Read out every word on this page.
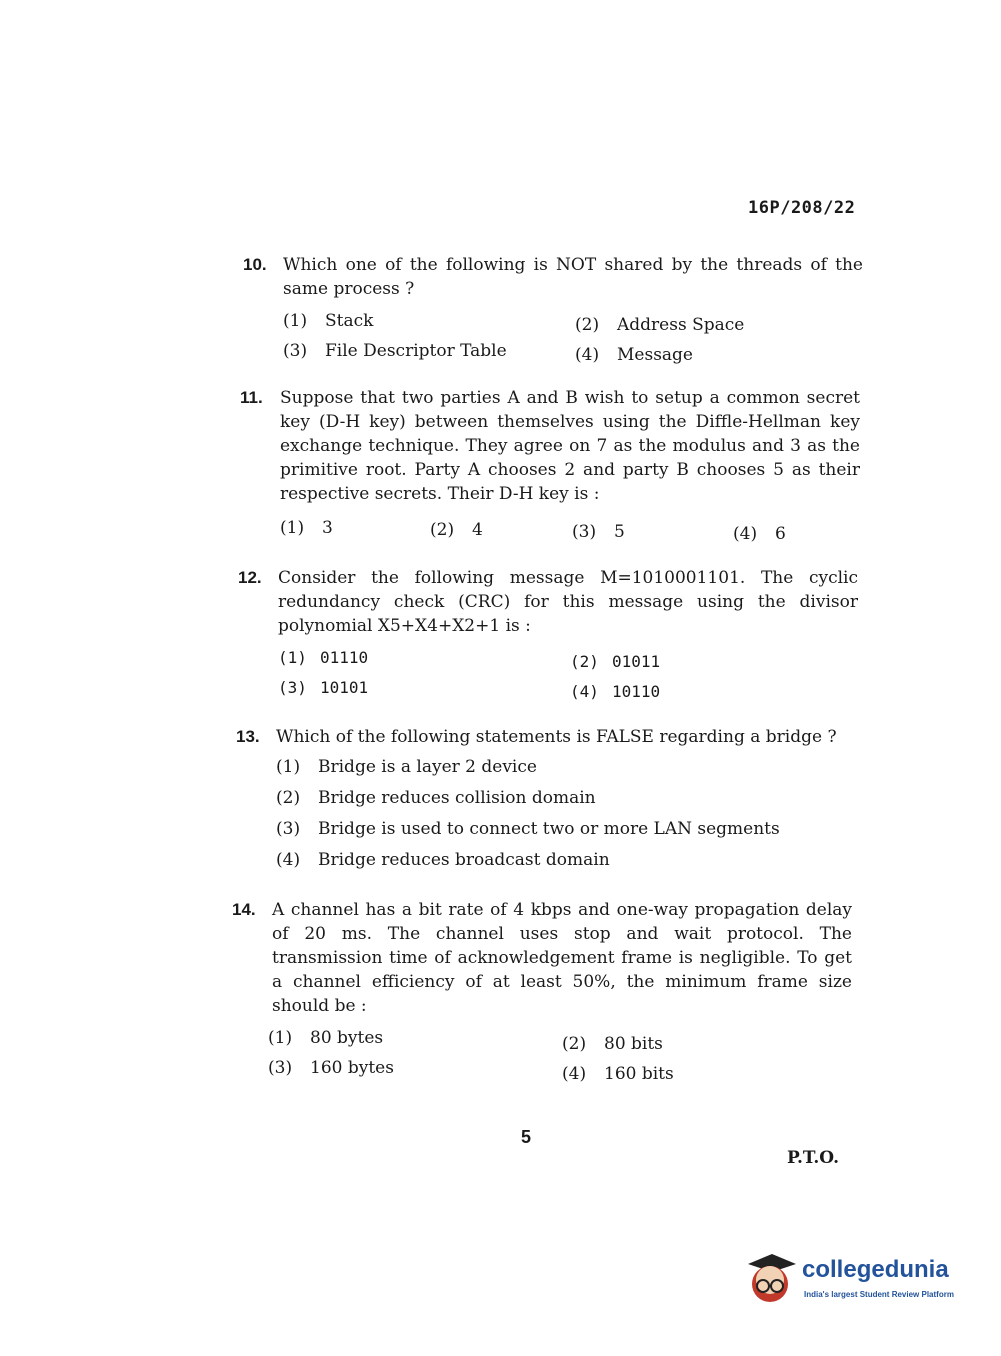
16P/208/22
10. Which one of the following is NOT shared by the threads of the same process ?
(1) Stack	(2) Address Space
(3) File Descriptor Table	(4) Message
11. Suppose that two parties A and B wish to setup a common secret key (D-H key) between themselves using the Diffle-Hellman key exchange technique. They agree on 7 as the modulus and 3 as the primitive root. Party A chooses 2 and party B chooses 5 as their respective secrets. Their D-H key is :
(1) 3	(2) 4	(3) 5	(4) 6
12. Consider the following message M=1010001101. The cyclic redundancy check (CRC) for this message using the divisor polynomial X5+X4+X2+1 is :
(1) 01110	(2) 01011
(3) 10101	(4) 10110
13. Which of the following statements is FALSE regarding a bridge ?
(1) Bridge is a layer 2 device
(2) Bridge reduces collision domain
(3) Bridge is used to connect two or more LAN segments
(4) Bridge reduces broadcast domain
14. A channel has a bit rate of 4 kbps and one-way propagation delay of 20 ms. The channel uses stop and wait protocol. The transmission time of acknowledgement frame is negligible. To get a channel efficiency of at least 50%, the minimum frame size should be :
(1) 80 bytes	(2) 80 bits
(3) 160 bytes	(4) 160 bits
5
P.T.O.
collegedunia
India's largest Student Review Platform
